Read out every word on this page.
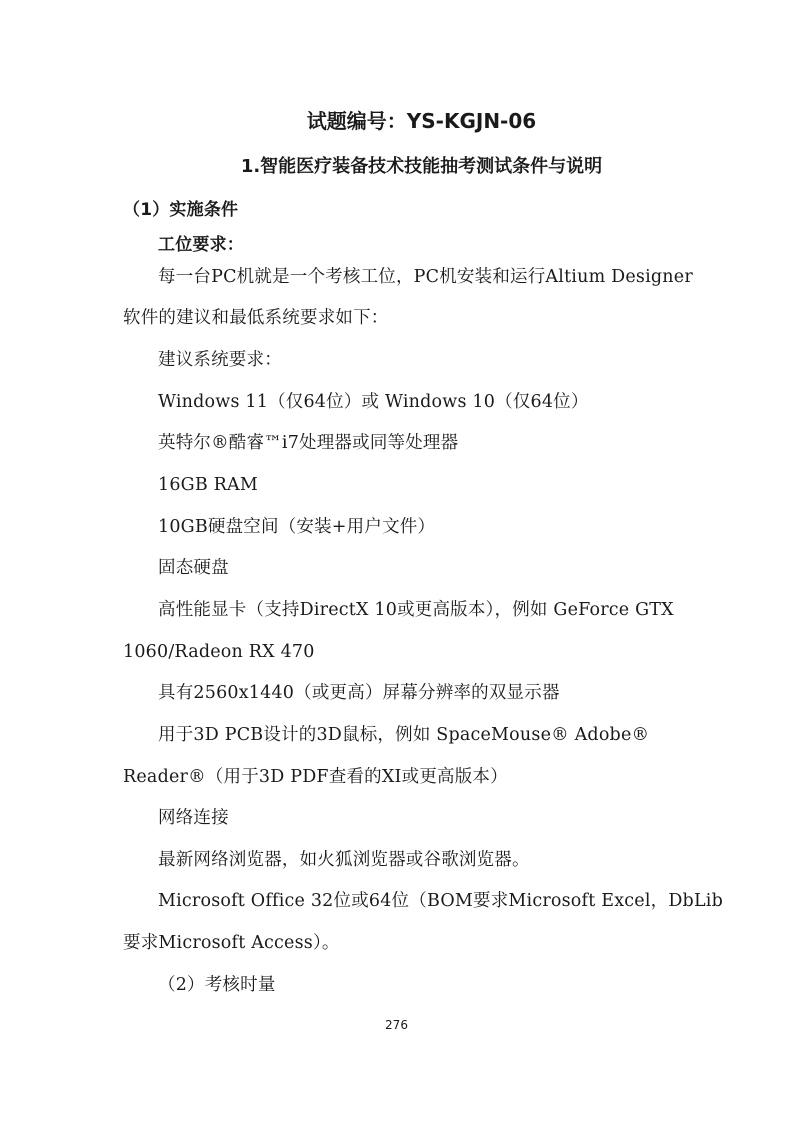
试题编号：YS-KGJN-06
1.智能医疗装备技术技能抽考测试条件与说明
（1）实施条件
工位要求：
每一台PC机就是一个考核工位，PC机安装和运行Altium Designer
软件的建议和最低系统要求如下：
建议系统要求：
Windows 11（仅64位）或 Windows 10（仅64位）
英特尔®酷睿™i7处理器或同等处理器
16GB RAM
10GB硬盘空间（安装+用户文件）
固态硬盘
高性能显卡（支持DirectX 10或更高版本），例如 GeForce GTX
1060/Radeon RX 470
具有2560x1440（或更高）屏幕分辨率的双显示器
用于3D PCB设计的3D鼠标，例如 SpaceMouse® Adobe®
Reader®（用于3D PDF查看的XI或更高版本）
网络连接
最新网络浏览器，如火狐浏览器或谷歌浏览器。
Microsoft Office 32位或64位（BOM要求Microsoft Excel，DbLib
要求Microsoft Access）。
（2）考核时量
276
